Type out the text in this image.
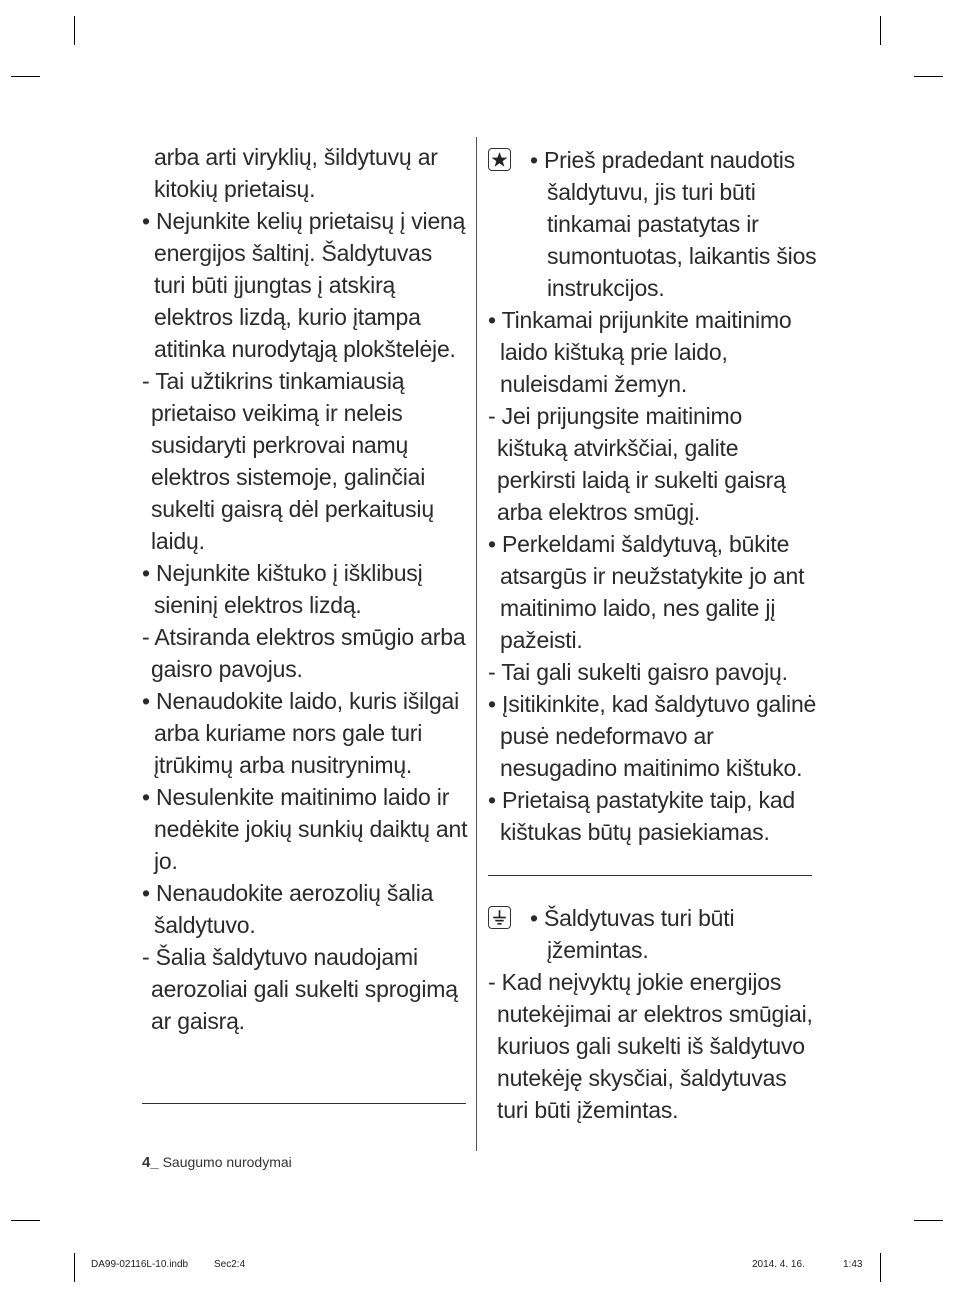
arba arti viryklių, šildytuvų ar kitokių prietaisų.

• Nejunkite kelių prietaisų į vieną energijos šaltinį. Šaldytuvas turi būti įjungtas į atskirą elektros lizdą, kurio įtampa atitinka nurodytąją plokštelėje.

- Tai užtikrins tinkamiausią prietaiso veikimą ir neleis susidaryti perkrovai namų elektros sistemoje, galinčiai sukelti gaisrą dėl perkaitusių laidų.

• Nejunkite kištuko į išklibusį sieninį elektros lizdą.

- Atsiranda elektros smūgio arba gaisro pavojus.

• Nenaudokite laido, kuris išilgai arba kuriame nors gale turi įtrūkimų arba nusitrynimų.

• Nesulenkite maitinimo laido ir nedėkite jokių sunkių daiktų ant jo.

• Nenaudokite aerozolių šalia šaldytuvo.

- Šalia šaldytuvo naudojami aerozoliai gali sukelti sprogimą ar gaisrą.

• Prieš pradedant naudotis šaldytuvu, jis turi būti tinkamai pastatytas ir sumontuotas, laikantis šios instrukcijos.

• Tinkamai prijunkite maitinimo laido kištuką prie laido, nuleisdami žemyn.

- Jei prijungsite maitinimo kištuką atvirkščiai, galite perkirsti laidą ir sukelti gaisrą arba elektros smūgį.

• Perkeldami šaldytuvą, būkite atsargūs ir neužstatykite jo ant maitinimo laido, nes galite jį pažeisti.

- Tai gali sukelti gaisro pavojų.

• Įsitikinkite, kad šaldytuvo galinė pusė nedeformavo ar nesugadino maitinimo kištuko.

• Prietaisą pastatykite taip, kad kištukas būtų pasiekiamas.

• Šaldytuvas turi būti įžemintas.

- Kad neįvyktų jokie energijos nutekėjimai ar elektros smūgiai, kuriuos gali sukelti iš šaldytuvo nutekėję skysčiai, šaldytuvas turi būti įžemintas.

4_ Saugumo nurodymai
DA99-02116L-10.indb	Sec2:4	2014. 4. 16.	1:43
